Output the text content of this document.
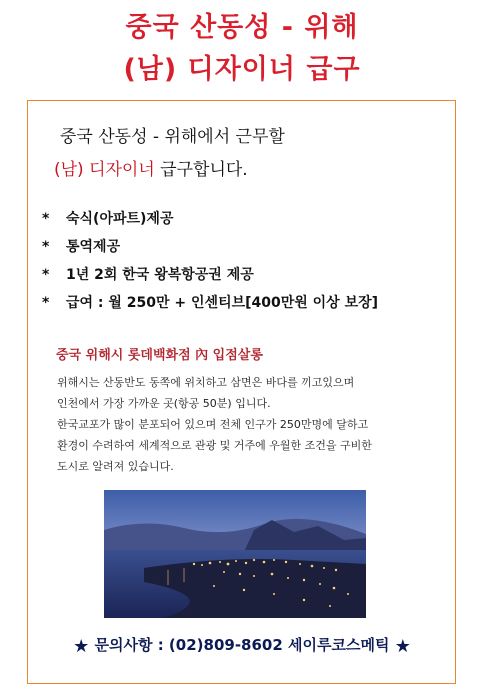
중국 산동성 - 위해
(남) 디자이너 급구
중국 산동성 - 위해에서 근무할
(남) 디자이너 급구합니다.
* 숙식(아파트)제공
* 통역제공
* 1년 2회 한국 왕복항공권 제공
* 급여 : 월 250만 + 인센티브[400만원 이상 보장]
중국 위해시 롯데백화점 內 입점살롱
위해시는 산동반도 동쪽에 위치하고 삼면은 바다를 끼고있으며
인천에서 가장 가까운 곳(항공 50분) 입니다.
한국교포가 많이 분포되어 있으며 전체 인구가 250만명에 달하고
환경이 수려하여 세계적으로 관광 및 거주에 우월한 조건을 구비한
도시로 알려져 있습니다.
★ 문의사항 : (02)809-8602 세이루코스메틱 ★
